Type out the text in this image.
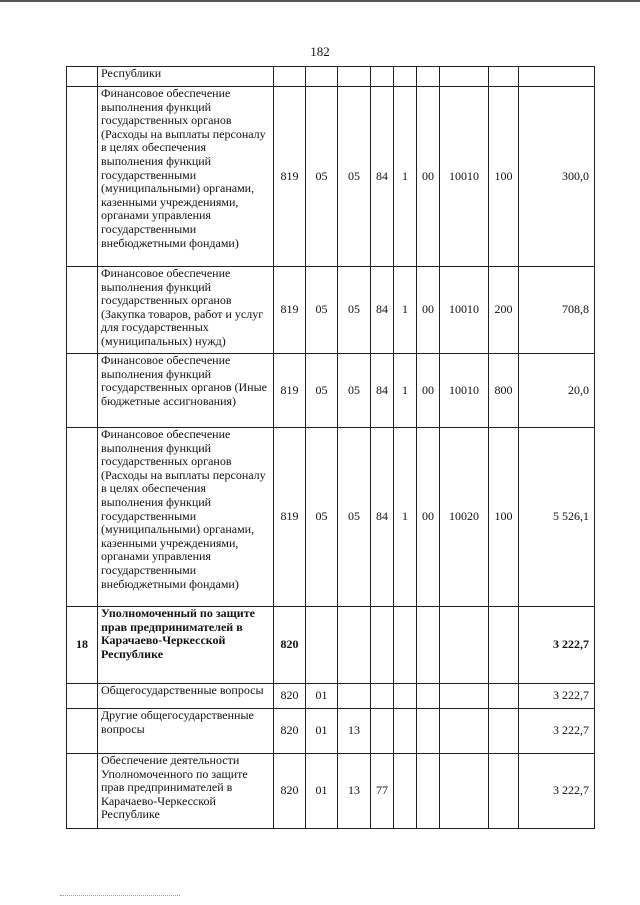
182
	Республики									
	Финансовое обеспечение выполнения функций государственных органов (Расходы на выплаты персоналу в целях обеспечения выполнения функций государственными (муниципальными) органами, казенными учреждениями, органами управления государственными внебюджетными фондами)	819	05	05	84	1	00	10010	100	300,0
	Финансовое обеспечение выполнения функций государственных органов (Закупка товаров, работ и услуг для государственных (муниципальных) нужд)	819	05	05	84	1	00	10010	200	708,8
	Финансовое обеспечение выполнения функций государственных органов (Иные бюджетные ассигнования)	819	05	05	84	1	00	10010	800	20,0
	Финансовое обеспечение выполнения функций государственных органов (Расходы на выплаты персоналу в целях обеспечения выполнения функций государственными (муниципальными) органами, казенными учреждениями, органами управления государственными внебюджетными фондами)	819	05	05	84	1	00	10020	100	5 526,1
18	Уполномоченный по защите прав предпринимателей в Карачаево-Черкесской Республике	820								3 222,7
	Общегосударственные вопросы	820	01							3 222,7
	Другие общегосударственные вопросы	820	01	13						3 222,7
	Обеспечение деятельности Уполномоченного по защите прав предпринимателей в Карачаево-Черкесской Республике	820	01	13	77					3 222,7
